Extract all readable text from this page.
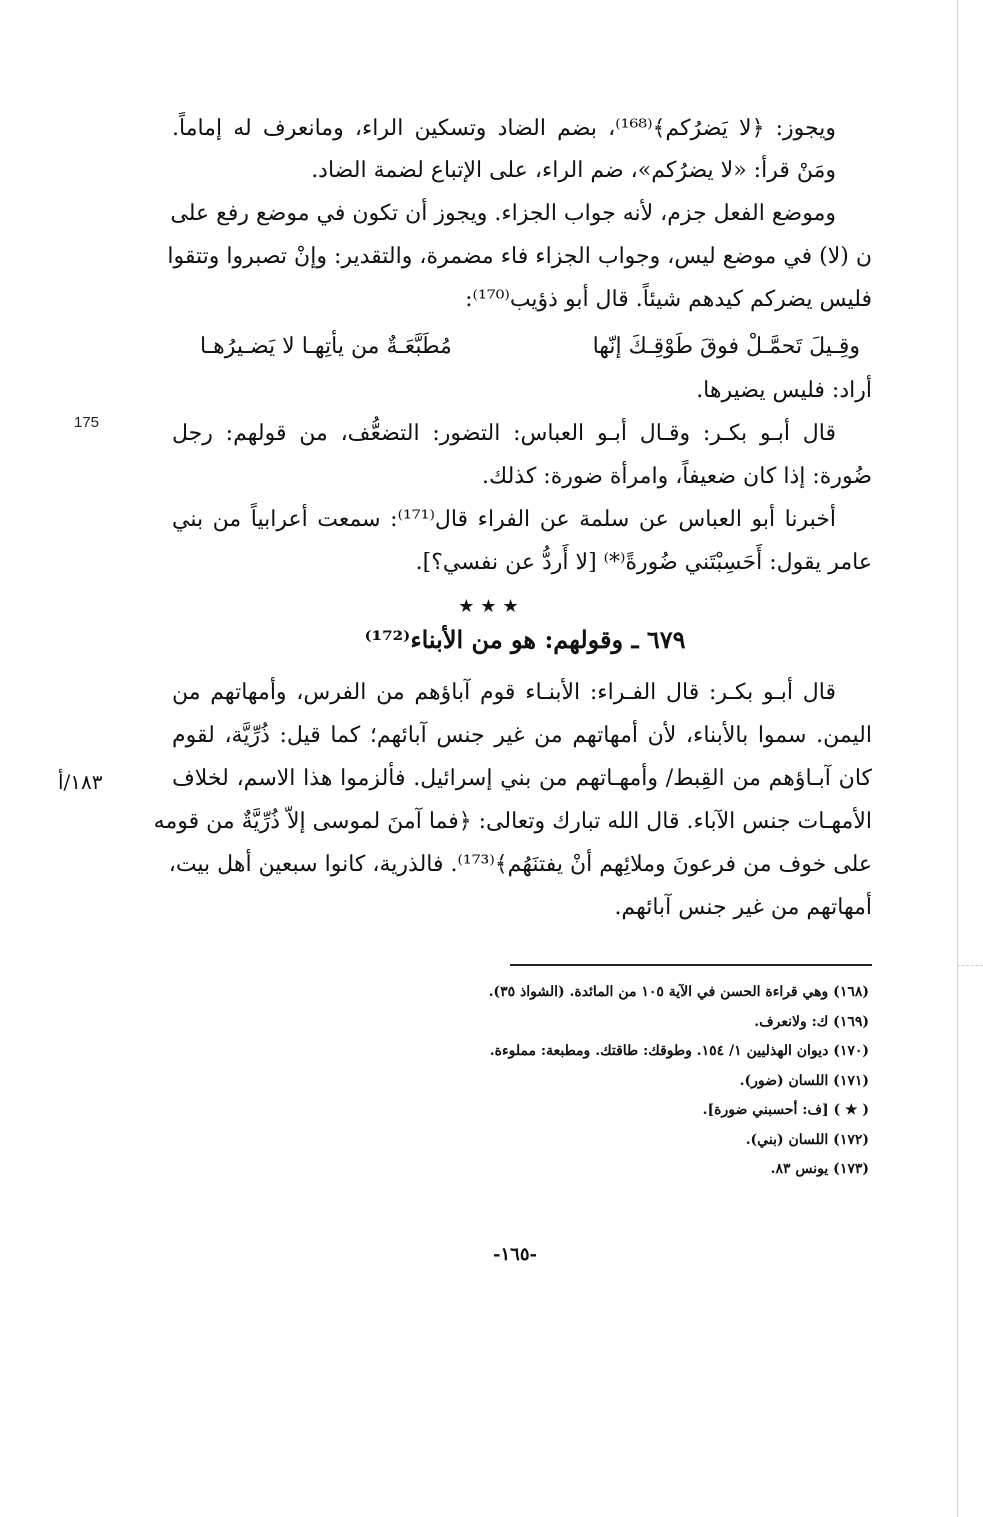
ويجوز: ﴿لا يَضرُكم﴾⁽¹⁶⁸⁾، بضم الضاد وتسكين الراء، ومانعرف له إماماً.
ومَنْ قرأ: «لا يضرُكم»، ضم الراء، على الإتباع لضمة الضاد.
وموضع الفعل جزم، لأنه جواب الجزاء. ويجوز أن تكون في موضع رفع على
ن (لا) في موضع ليس، وجواب الجزاء فاء مضمرة، والتقدير: وإنْ تصبروا وتتقوا
فليس يضركم كيدهم شيئاً. قال أبو ذؤيب⁽¹⁷⁰⁾:
وقِـيلَ تَحمَّـلْ فوقَ طَوْقِـكَ إنّها
مُطَبَّعَـةٌ من يأتِهـا لا يَضـيرُهـا
أراد: فليس يضيرها.
قال أبـو بكـر: وقـال أبـو العباس: التضور: التضعُّف، من قولهم: رجل
ضُورة: إذا كان ضعيفاً، وامرأة ضورة: كذلك.
أخبرنا أبو العباس عن سلمة عن الفراء قال⁽¹⁷¹⁾: سمعت أعرابياً من بني
عامر يقول: أَحَسِبْتَني ضُورةً⁽*⁾ [لا أَردُّ عن نفسي؟].
175
★★★
٦٧٩ ـ وقولهم: هو من الأبناء⁽¹⁷²⁾
قال أبـو بكـر: قال الفـراء: الأبنـاء قوم آباؤهم من الفرس، وأمهاتهم من
اليمن. سموا بالأبناء، لأن أمهاتهم من غير جنس آبائهم؛ كما قيل: ذُرِّيَّة، لقوم
كان آبـاؤهم من القِبط/ وأمهـاتهم من بني إسرائيل. فألزموا هذا الاسم، لخلاف
الأمهـات جنس الآباء. قال الله تبارك وتعالى: ﴿فما آمنَ لموسى إلاّ ذُرِّيَّةٌ من قومه
على خوف من فرعونَ وملائِهم أنْ يفتنَهُم﴾⁽¹⁷³⁾. فالذرية، كانوا سبعين أهل بيت،
أمهاتهم من غير جنس آبائهم.
١٨٣/أ
(١٦٨) وهي قراءة الحسن في الآية ١٠٥ من المائدة. (الشواذ ٣٥).
(١٦٩) ك: ولانعرف.
(١٧٠) ديوان الهذليين ١/ ١٥٤. وطوقك: طاقتك. ومطبعة: مملوءة.
(١٧١) اللسان (ضور).
( ★ ) [ف: أحسبني ضورة].
(١٧٢) اللسان (بني).
(١٧٣) يونس ٨٣.
-١٦٥-
